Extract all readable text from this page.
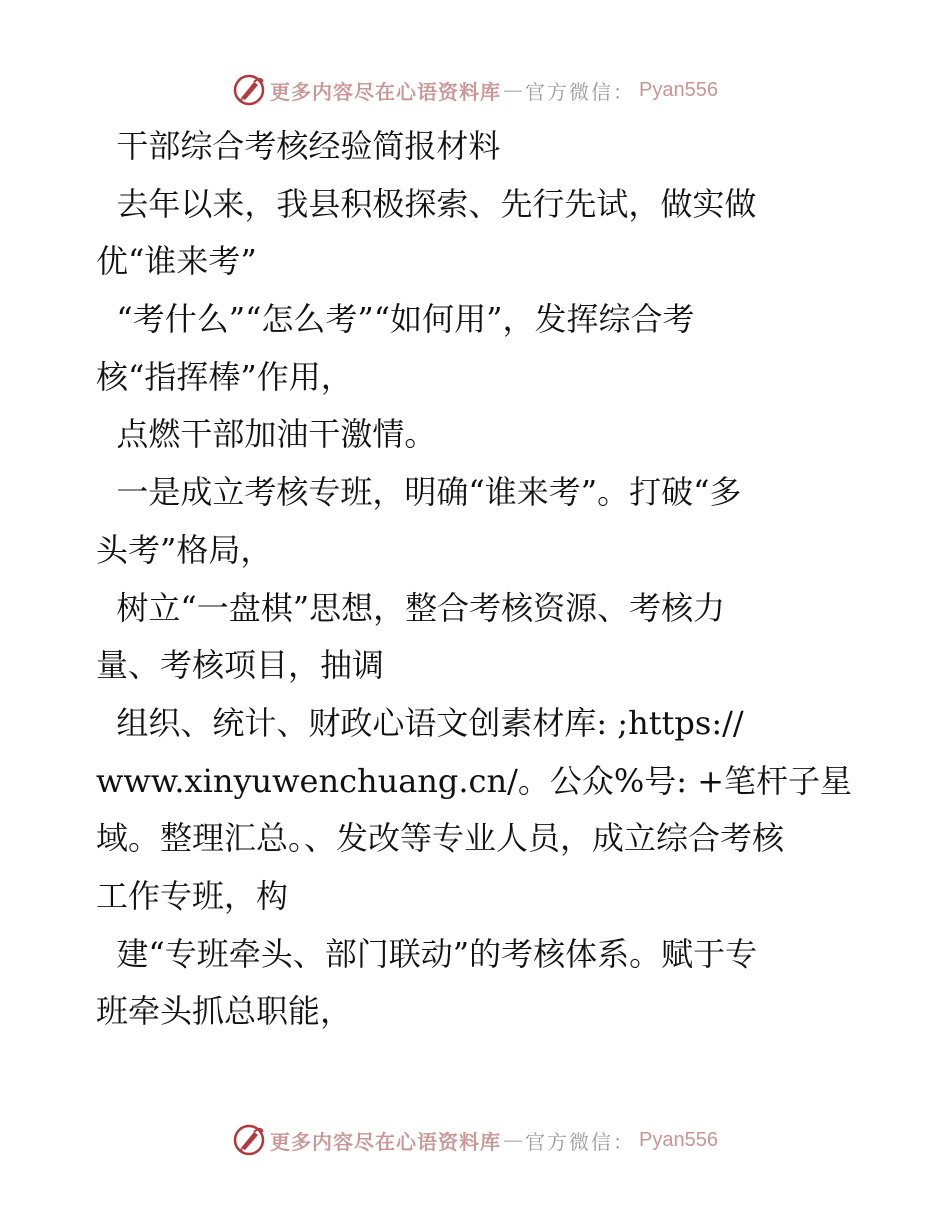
更多内容尽在心语资料库 — 官方微信： Pyan556
干部综合考核经验简报材料
去年以来，我县积极探索、先行先试，做实做
优“谁来考”
“考什么”“怎么考”“如何用”，发挥综合考
核“指挥棒”作用，
点燃干部加油干激情。
一是成立考核专班，明确“谁来考”。打破“多
头考”格局，
树立“一盘棋”思想，整合考核资源、考核力
量、考核项目，抽调
组织、统计、财政心语文创素材库: ;https://
www.xinyuwenchuang.cn/。公众%号: +笔杆子星
域。整理汇总。、发改等专业人员，成立综合考核
工作专班，构
建“专班牵头、部门联动”的考核体系。赋于专
班牵头抓总职能，
更多内容尽在心语资料库 — 官方微信： Pyan556
